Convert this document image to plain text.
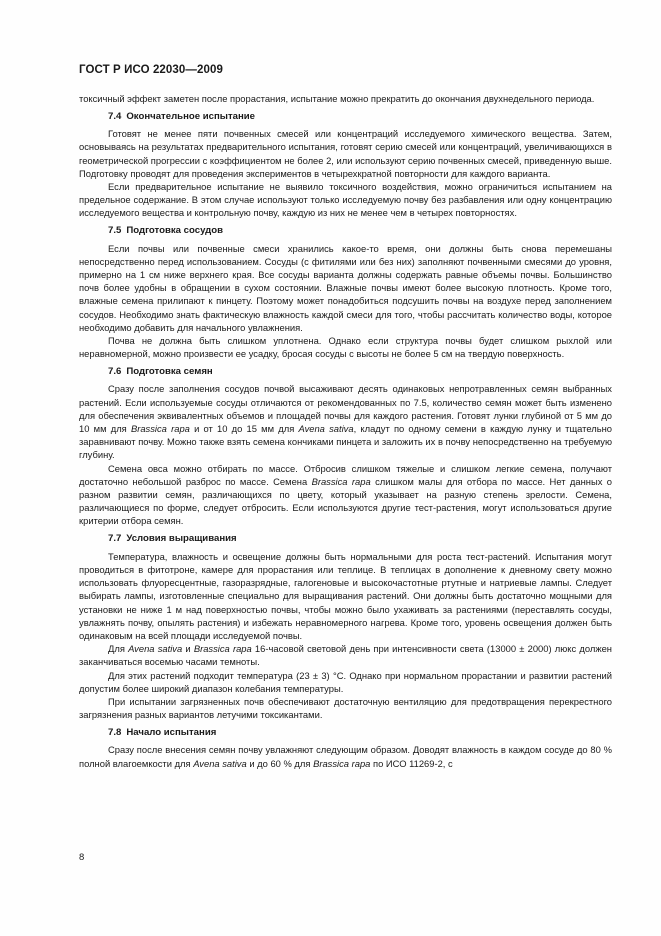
ГОСТ Р ИСО 22030—2009

токсичный эффект заметен после прорастания, испытание можно прекратить до окончания двухнедельного периода.

7.4 Окончательное испытание

Готовят не менее пяти почвенных смесей или концентраций исследуемого химического вещества. Затем, основываясь на результатах предварительного испытания, готовят серию смесей или концентраций, увеличивающихся в геометрической прогрессии с коэффициентом не более 2, или используют серию почвенных смесей, приведенную выше. Подготовку проводят для проведения экспериментов в четырехкратной повторности для каждого варианта.

Если предварительное испытание не выявило токсичного воздействия, можно ограничиться испытанием на предельное содержание. В этом случае используют только исследуемую почву без разбавления или одну концентрацию исследуемого вещества и контрольную почву, каждую из них не менее чем в четырех повторностях.

7.5 Подготовка сосудов

Если почвы или почвенные смеси хранились какое-то время, они должны быть снова перемешаны непосредственно перед использованием. Сосуды (с фитилями или без них) заполняют почвенными смесями до уровня, примерно на 1 см ниже верхнего края. Все сосуды варианта должны содержать равные объемы почвы. Большинство почв более удобны в обращении в сухом состоянии. Влажные почвы имеют более высокую плотность. Кроме того, влажные семена прилипают к пинцету. Поэтому может понадобиться подсушить почвы на воздухе перед заполнением сосудов. Необходимо знать фактическую влажность каждой смеси для того, чтобы рассчитать количество воды, которое необходимо добавить для начального увлажнения.

Почва не должна быть слишком уплотнена. Однако если структура почвы будет слишком рыхлой или неравномерной, можно произвести ее усадку, бросая сосуды с высоты не более 5 см на твердую поверхность.

7.6 Подготовка семян

Сразу после заполнения сосудов почвой высаживают десять одинаковых непротравленных семян выбранных растений. Если используемые сосуды отличаются от рекомендованных по 7.5, количество семян может быть изменено для обеспечения эквивалентных объемов и площадей почвы для каждого растения. Готовят лунки глубиной от 5 мм до 10 мм для Brassica rapa и от 10 до 15 мм для Avena sativa, кладут по одному семени в каждую лунку и тщательно заравнивают почву. Можно также взять семена кончиками пинцета и заложить их в почву непосредственно на требуемую глубину.

Семена овса можно отбирать по массе. Отбросив слишком тяжелые и слишком легкие семена, получают достаточно небольшой разброс по массе. Семена Brassica rapa слишком малы для отбора по массе. Нет данных о разном развитии семян, различающихся по цвету, который указывает на разную степень зрелости. Семена, различающиеся по форме, следует отбросить. Если используются другие тест-растения, могут использоваться другие критерии отбора семян.

7.7 Условия выращивания

Температура, влажность и освещение должны быть нормальными для роста тест-растений. Испытания могут проводиться в фитотроне, камере для прорастания или теплице. В теплицах в дополнение к дневному свету можно использовать флуоресцентные, газоразрядные, галогеновые и высокочастотные ртутные и натриевые лампы. Следует выбирать лампы, изготовленные специально для выращивания растений. Они должны быть достаточно мощными для установки не ниже 1 м над поверхностью почвы, чтобы можно было ухаживать за растениями (переставлять сосуды, увлажнять почву, опылять растения) и избежать неравномерного нагрева. Кроме того, уровень освещения должен быть одинаковым на всей площади исследуемой почвы.

Для Avena sativa и Brassica rapa 16-часовой световой день при интенсивности света (13000 ± 2000) люкс должен заканчиваться восемью часами темноты.

Для этих растений подходит температура (23 ± 3) °С. Однако при нормальном прорастании и развитии растений допустим более широкий диапазон колебания температуры.

При испытании загрязненных почв обеспечивают достаточную вентиляцию для предотвращения перекрестного загрязнения разных вариантов летучими токсикантами.

7.8 Начало испытания

Сразу после внесения семян почву увлажняют следующим образом. Доводят влажность в каждом сосуде до 80 % полной влагоемкости для Avena sativa и до 60 % для Brassica rapa по ИСО 11269-2, с

8
